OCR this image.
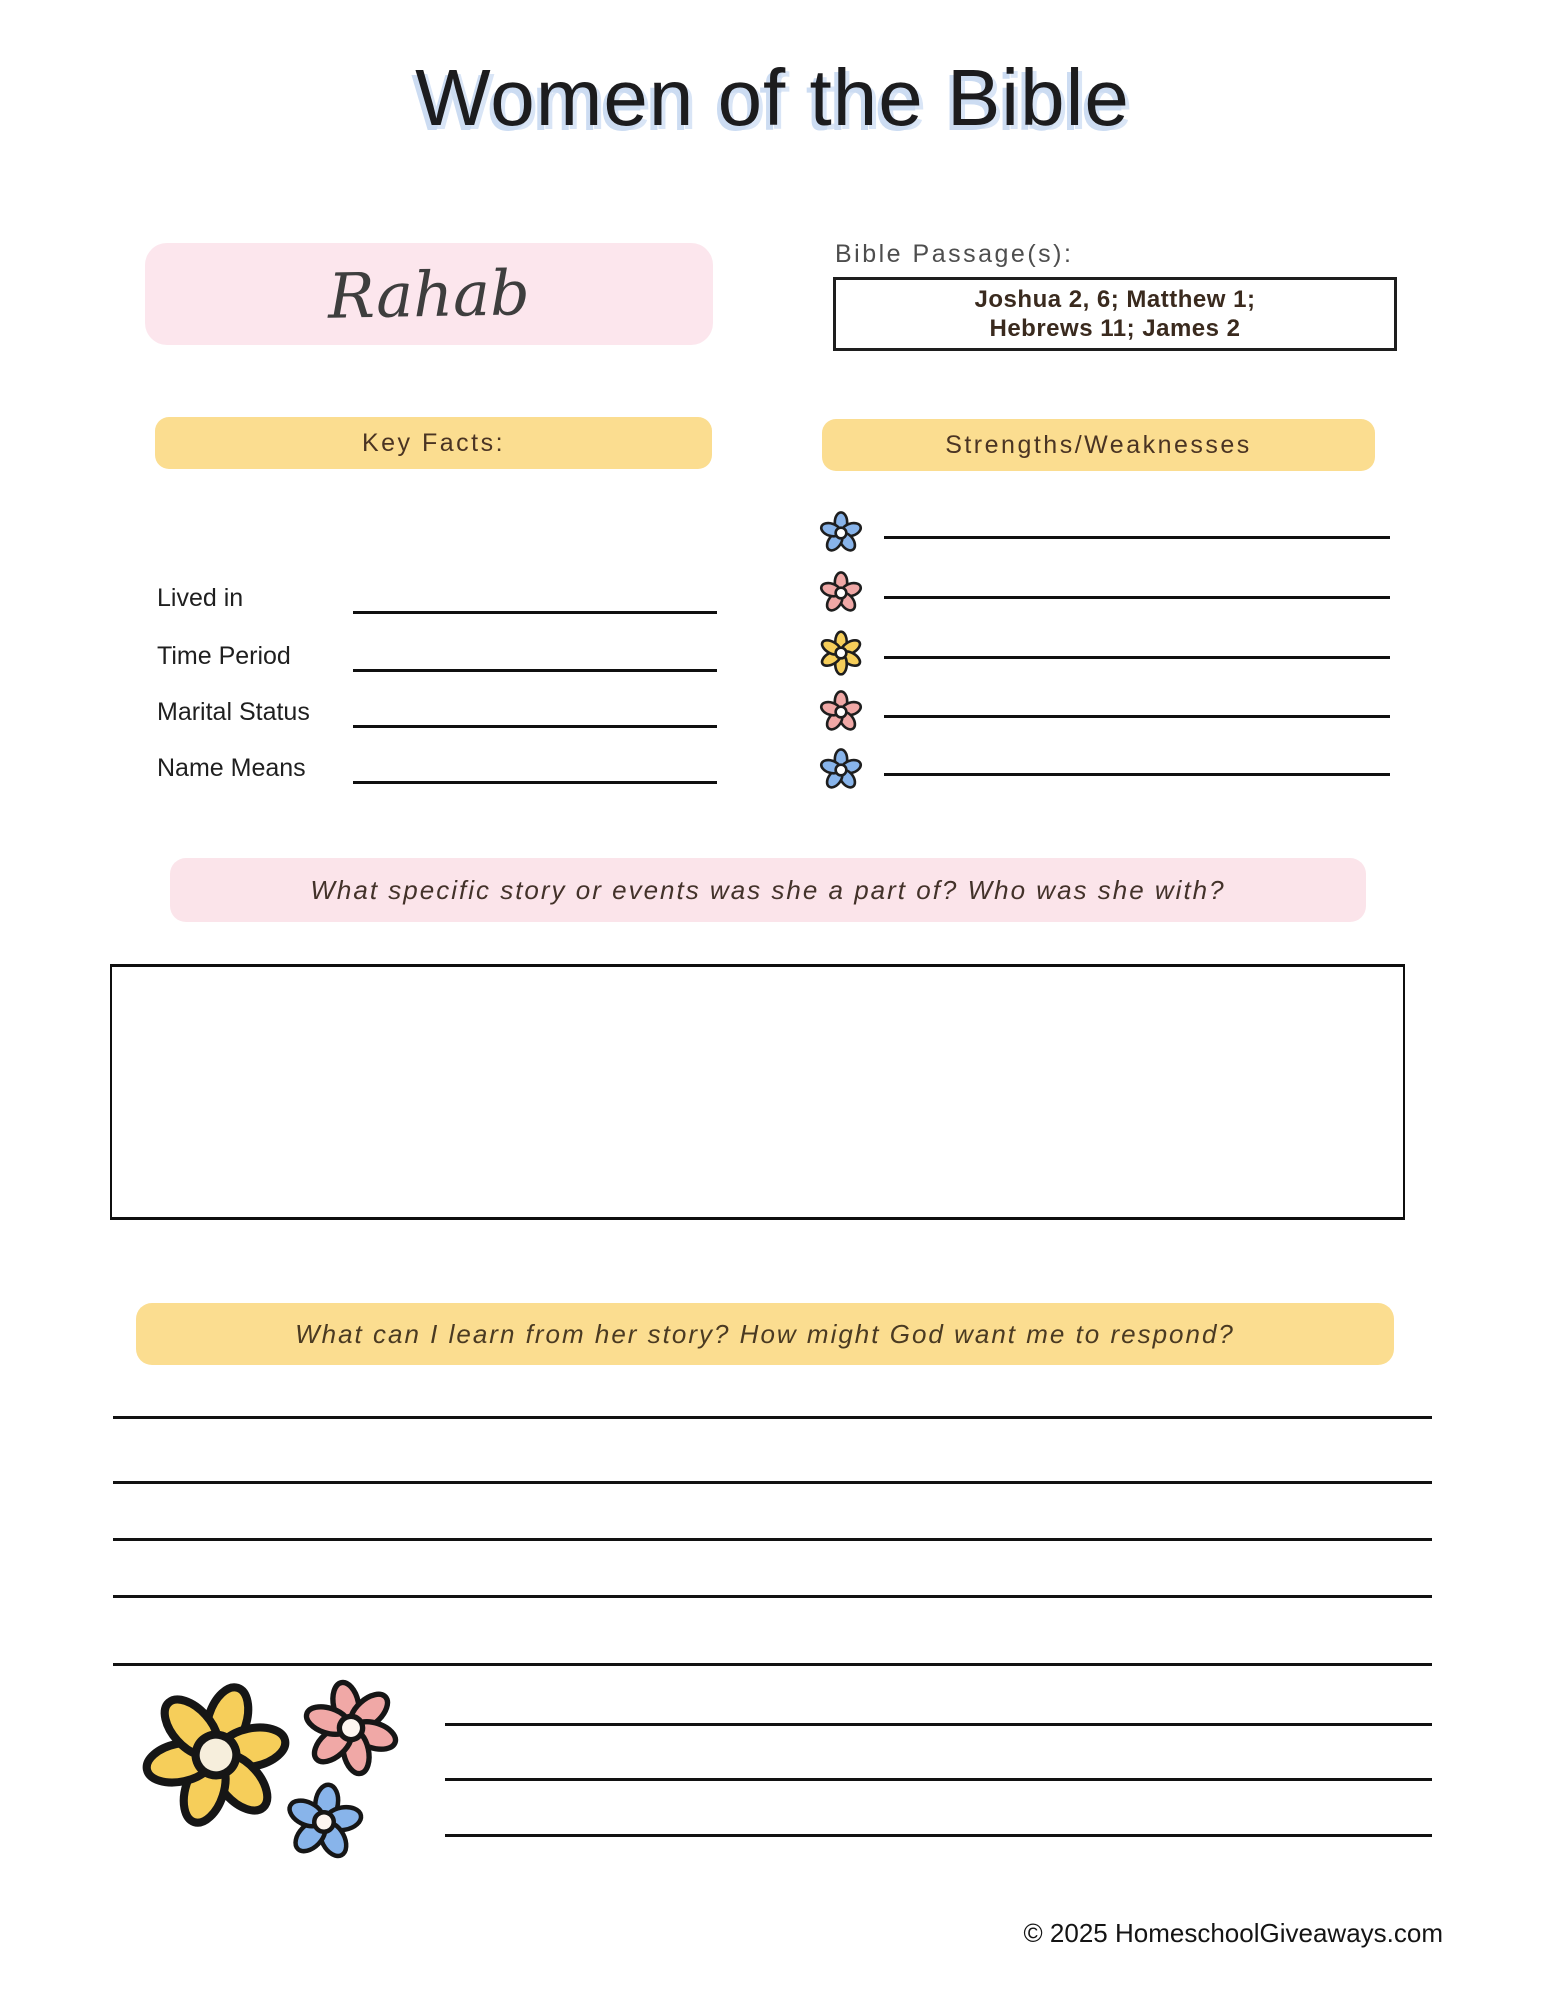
Women of the Bible
Rahab
Bible Passage(s):
Joshua 2, 6; Matthew 1;
Hebrews 11; James 2
Key Facts:	Strengths/Weaknesses
Lived in
Time Period
Marital Status
Name Means
What specific story or events was she a part of? Who was she with?
What can I learn from her story? How might God want me to respond?
© 2025 HomeschoolGiveaways.com
